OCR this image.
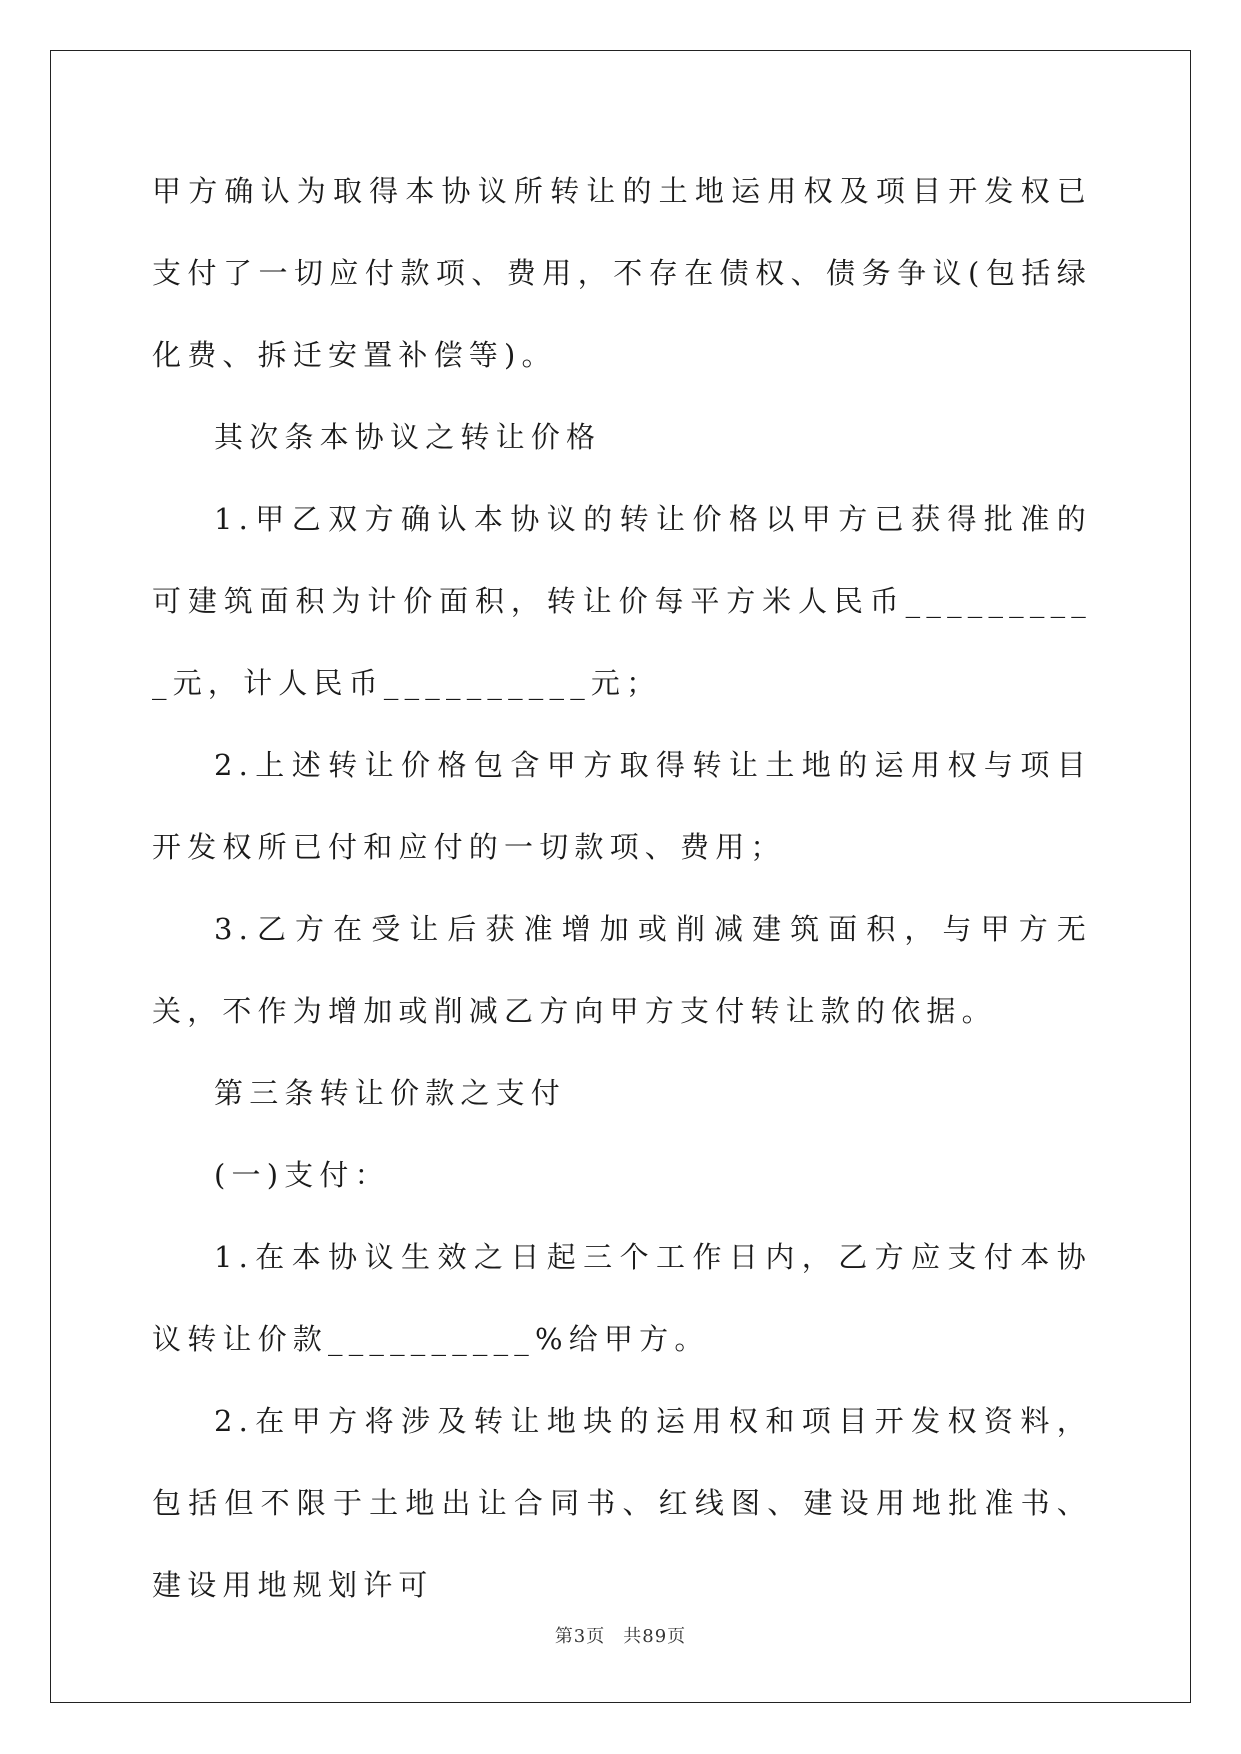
甲方确认为取得本协议所转让的土地运用权及项目开发权已支付了一切应付款项、费用，不存在债权、债务争议(包括绿化费、拆迁安置补偿等)。

其次条本协议之转让价格

1.甲乙双方确认本协议的转让价格以甲方已获得批准的可建筑面积为计价面积，转让价每平方米人民币__________元，计人民币__________元；

2.上述转让价格包含甲方取得转让土地的运用权与项目开发权所已付和应付的一切款项、费用；

3.乙方在受让后获准增加或削减建筑面积，与甲方无关，不作为增加或削减乙方向甲方支付转让款的依据。

第三条转让价款之支付

(一)支付：

1.在本协议生效之日起三个工作日内，乙方应支付本协议转让价款__________%给甲方。

2.在甲方将涉及转让地块的运用权和项目开发权资料，包括但不限于土地出让合同书、红线图、建设用地批准书、建设用地规划许可

第3页 共89页
